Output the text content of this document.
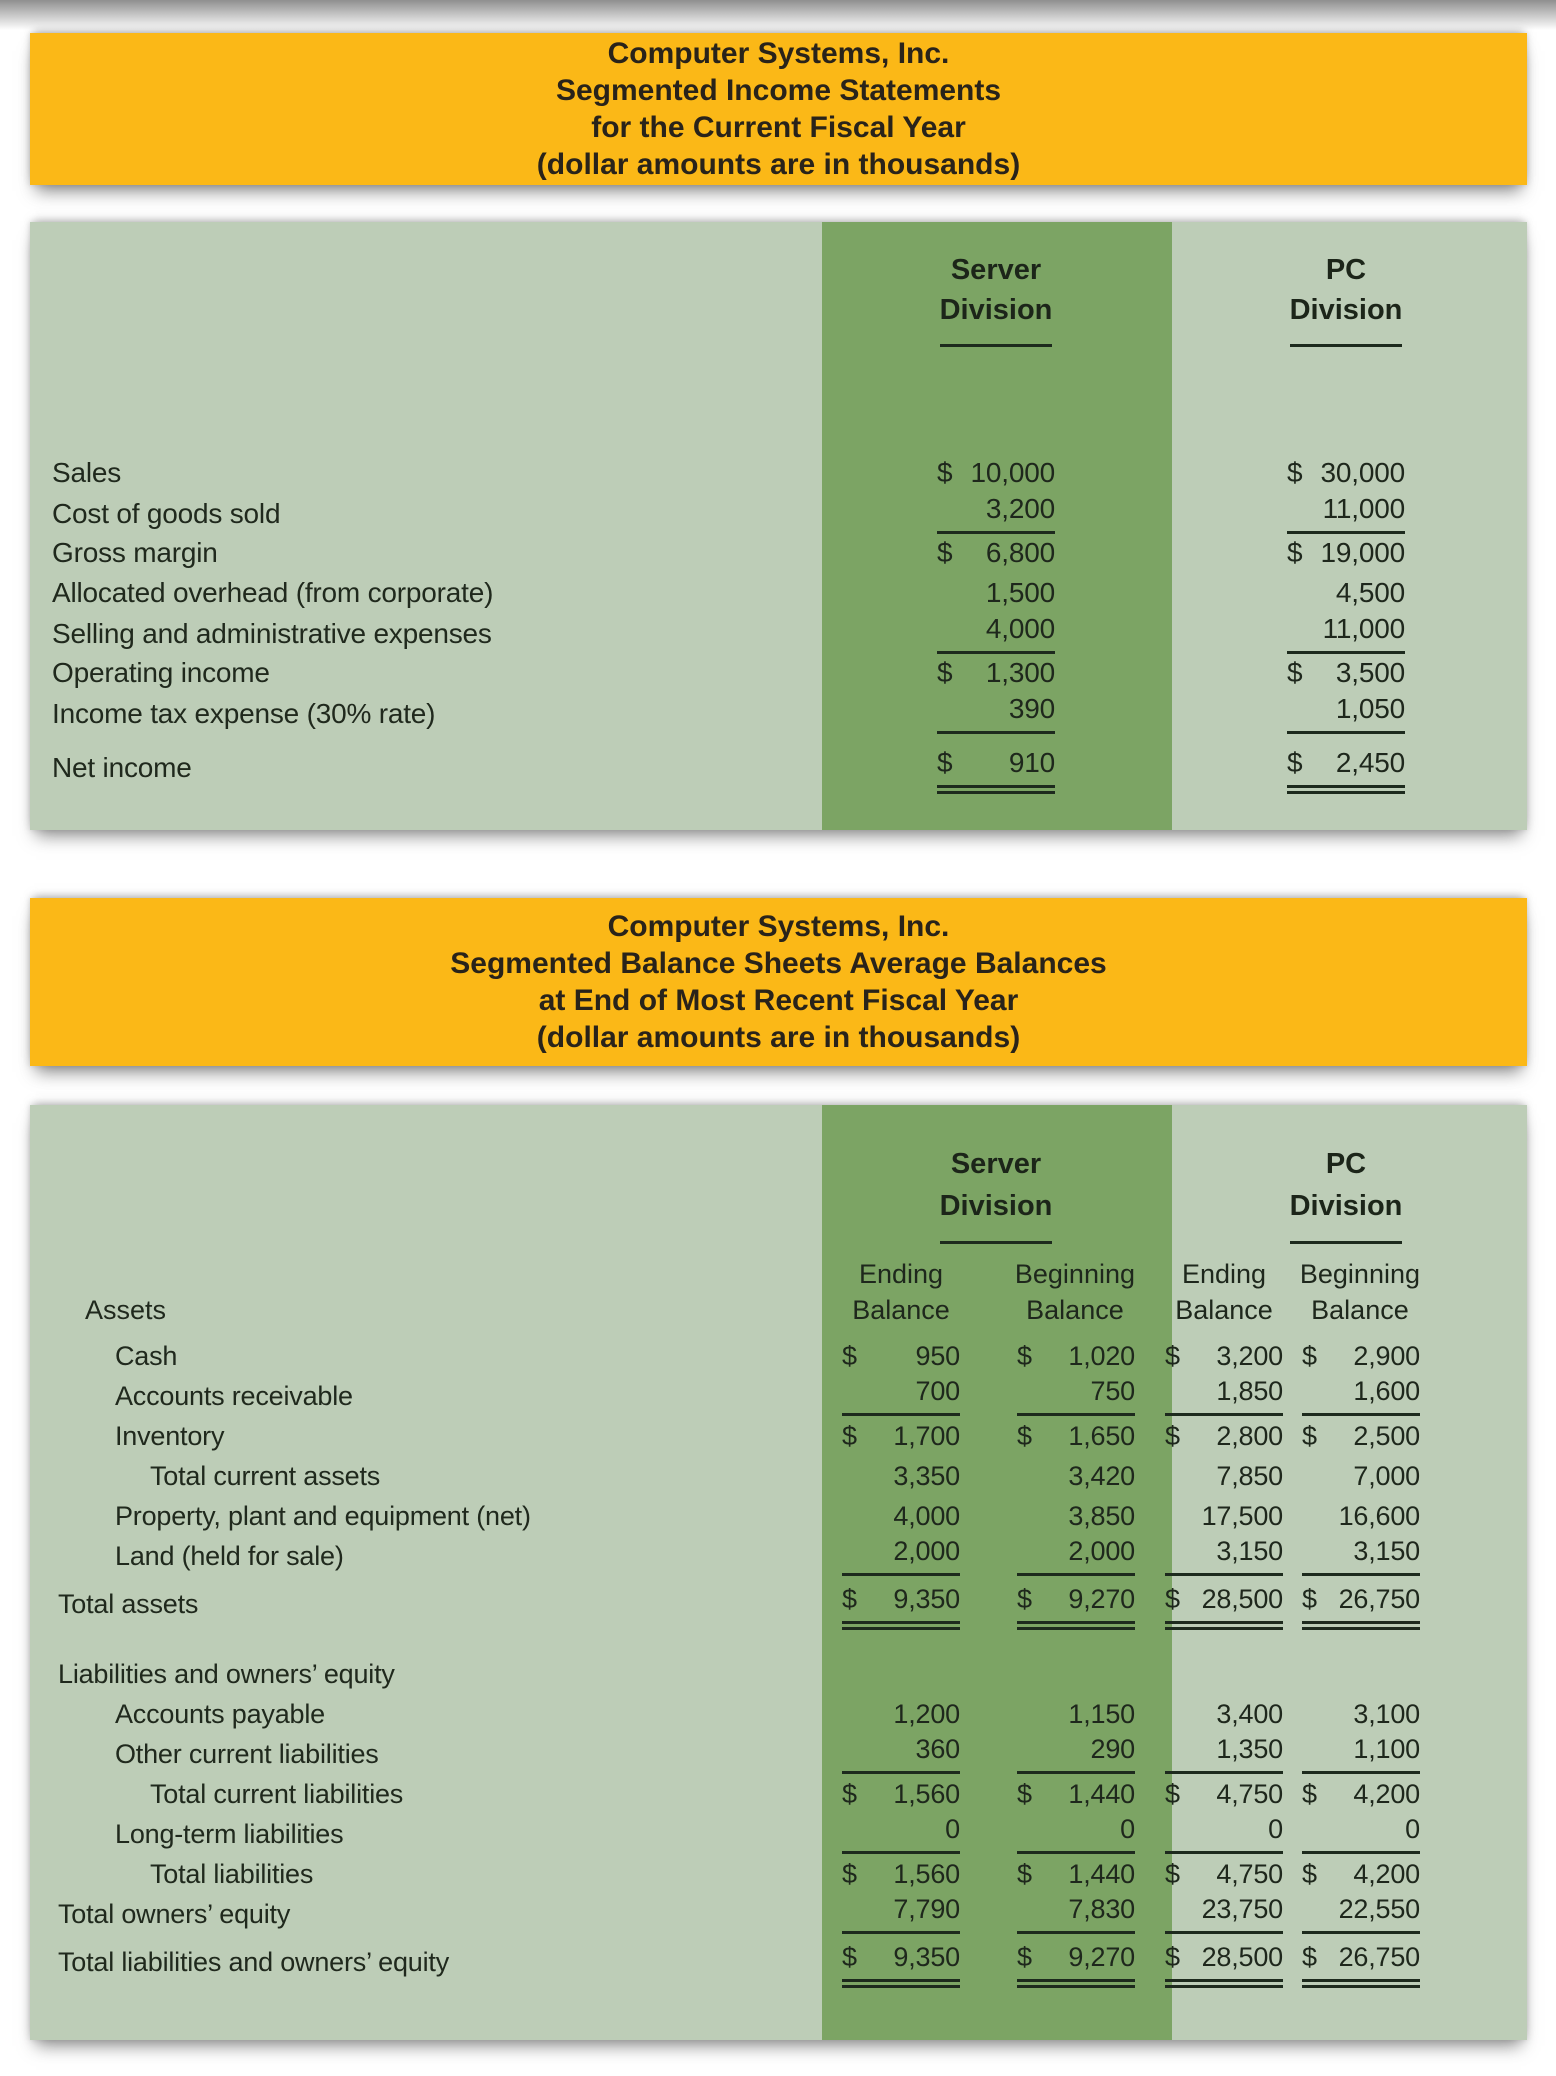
Computer Systems, Inc.
Segmented Income Statements
for the Current Fiscal Year
(dollar amounts are in thousands)
Server
Division
PC
Division
Sales	$ 10,000	$ 30,000
Cost of goods sold	3,200	11,000
Gross margin	$ 6,800	$ 19,000
Allocated overhead (from corporate)	1,500	4,500
Selling and administrative expenses	4,000	11,000
Operating income	$ 1,300	$ 3,500
Income tax expense (30% rate)	390	1,050
Net income	$ 910	$ 2,450
Computer Systems, Inc.
Segmented Balance Sheets Average Balances
at End of Most Recent Fiscal Year
(dollar amounts are in thousands)
Server
Division
PC
Division
Assets
Ending
Balance
Beginning
Balance
Ending
Balance
Beginning
Balance
Cash	$ 950 $ 1,020 $ 3,200 $ 2,900
Accounts receivable	700	750	1,850	1,600
Inventory	$ 1,700 $ 1,650 $ 2,800 $ 2,500
Total current assets	3,350	3,420	7,850	7,000
Property, plant and equipment (net)	4,000	3,850 17,500 16,600
Land (held for sale)	2,000	2,000	3,150	3,150
Total assets	$ 9,350 $ 9,270 $ 28,500 $ 26,750
Liabilities and owners’ equity
Accounts payable	1,200	1,150	3,400	3,100
Other current liabilities	360	290	1,350	1,100
Total current liabilities	$ 1,560 $ 1,440 $ 4,750 $ 4,200
Long-term liabilities	0	0	0	0
Total liabilities	$ 1,560 $ 1,440 $ 4,750 $ 4,200
Total owners’ equity	7,790	7,830 23,750 22,550
Total liabilities and owners’ equity	$ 9,350 $ 9,270 $ 28,500 $ 26,750
